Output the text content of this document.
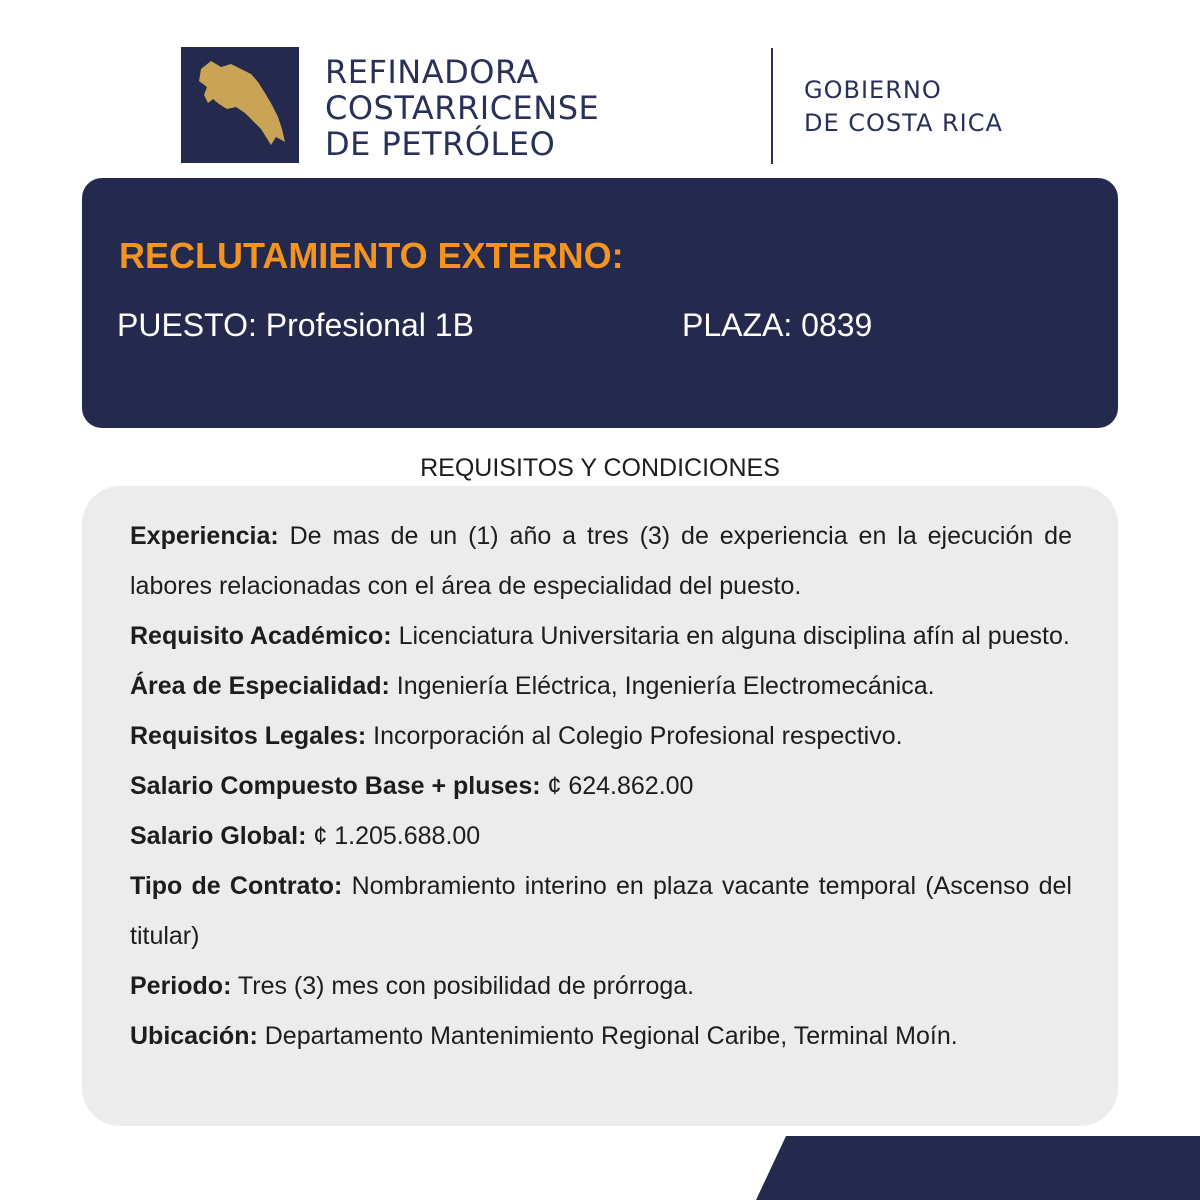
REFINADORA
COSTARRICENSE
DE PETRÓLEO
GOBIERNO
DE COSTA RICA
RECLUTAMIENTO EXTERNO:
PUESTO: Profesional 1B	PLAZA: 0839
REQUISITOS Y CONDICIONES

Experiencia: De mas de un (1) año a tres (3) de experiencia en la ejecución de labores relacionadas con el área de especialidad del puesto.

Requisito Académico: Licenciatura Universitaria en alguna disciplina afín al puesto.

Área de Especialidad: Ingeniería Eléctrica, Ingeniería Electromecánica.

Requisitos Legales: Incorporación al Colegio Profesional respectivo.

Salario Compuesto Base + pluses: ¢ 624.862.00

Salario Global: ¢ 1.205.688.00

Tipo de Contrato: Nombramiento interino en plaza vacante temporal (Ascenso del titular)

Periodo: Tres (3) mes con posibilidad de prórroga.

Ubicación: Departamento Mantenimiento Regional Caribe, Terminal Moín.
